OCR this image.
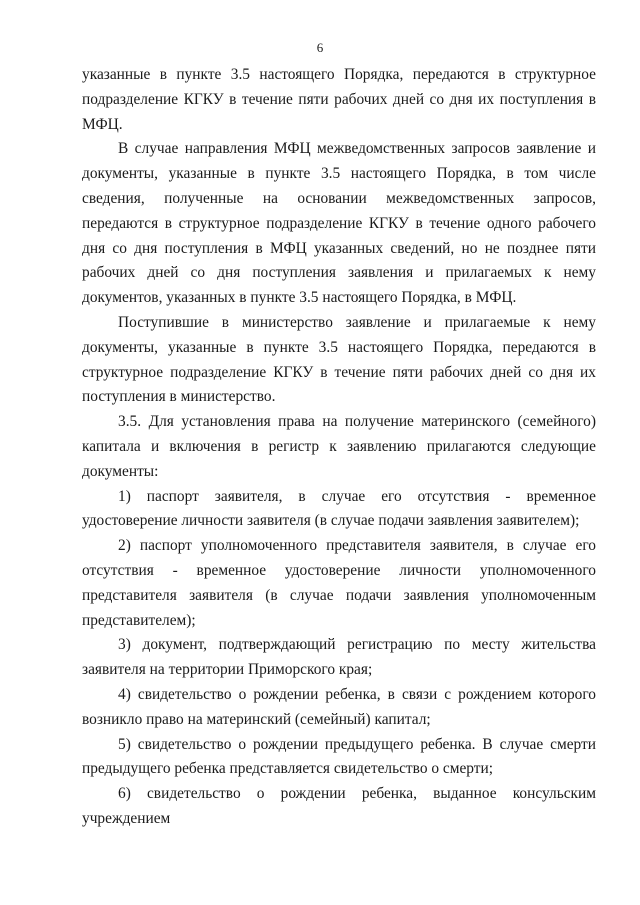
6

указанные в пункте 3.5 настоящего Порядка, передаются в структурное подразделение КГКУ в течение пяти рабочих дней со дня их поступления в МФЦ.

В случае направления МФЦ межведомственных запросов заявление и документы, указанные в пункте 3.5 настоящего Порядка, в том числе сведения, полученные на основании межведомственных запросов, передаются в структурное подразделение КГКУ в течение одного рабочего дня со дня поступления в МФЦ указанных сведений, но не позднее пяти рабочих дней со дня поступления заявления и прилагаемых к нему документов, указанных в пункте 3.5 настоящего Порядка, в МФЦ.

Поступившие в министерство заявление и прилагаемые к нему документы, указанные в пункте 3.5 настоящего Порядка, передаются в структурное подразделение КГКУ в течение пяти рабочих дней со дня их поступления в министерство.

3.5. Для установления права на получение материнского (семейного) капитала и включения в регистр к заявлению прилагаются следующие документы:

1) паспорт заявителя, в случае его отсутствия - временное удостоверение личности заявителя (в случае подачи заявления заявителем);

2) паспорт уполномоченного представителя заявителя, в случае его отсутствия - временное удостоверение личности уполномоченного представителя заявителя (в случае подачи заявления уполномоченным представителем);

3) документ, подтверждающий регистрацию по месту жительства заявителя на территории Приморского края;

4) свидетельство о рождении ребенка, в связи с рождением которого возникло право на материнский (семейный) капитал;

5) свидетельство о рождении предыдущего ребенка. В случае смерти предыдущего ребенка представляется свидетельство о смерти;

6) свидетельство о рождении ребенка, выданное консульским учреждением
